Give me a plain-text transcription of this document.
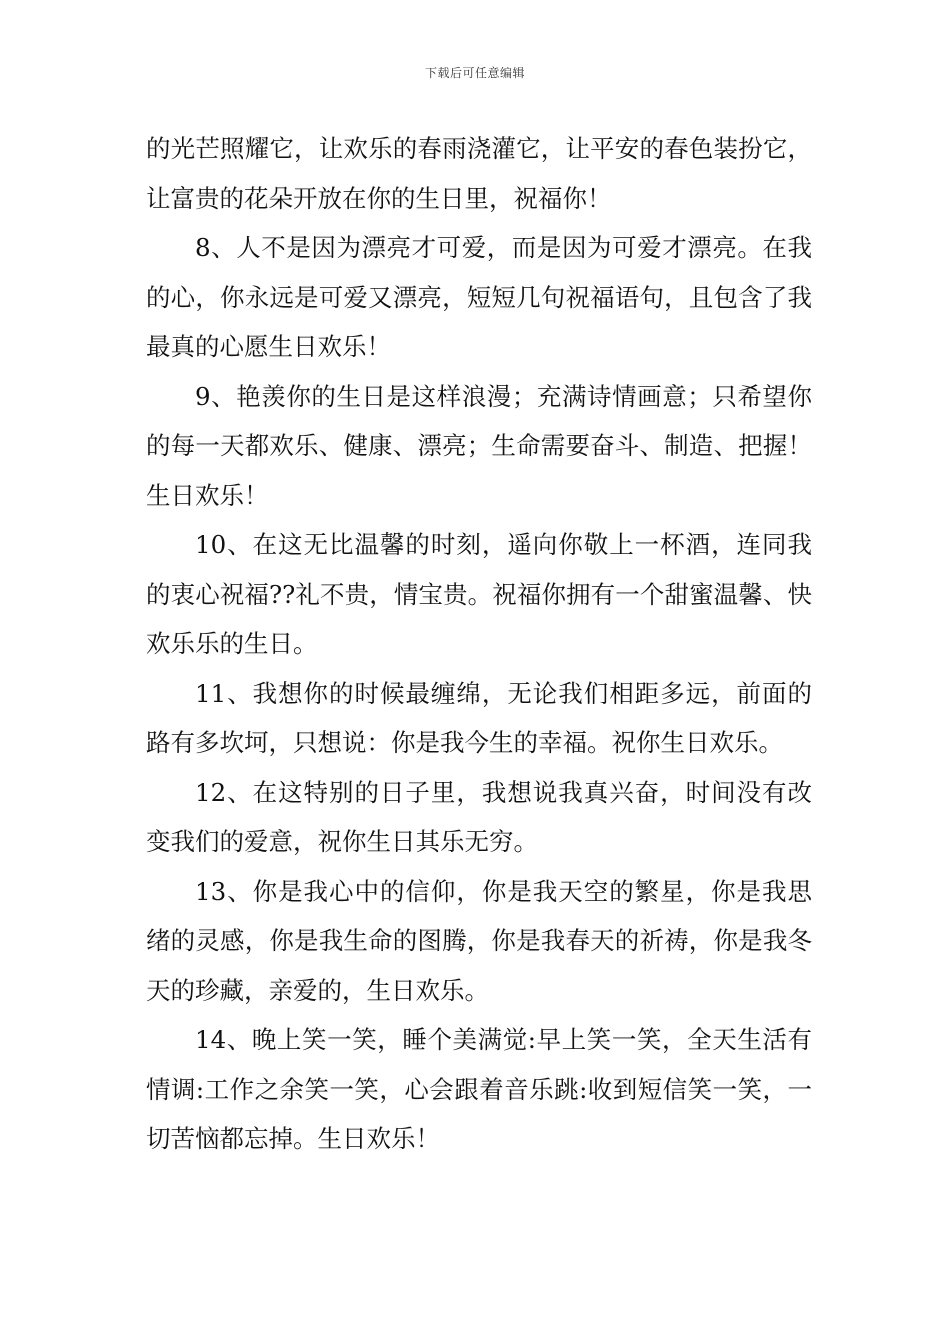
下载后可任意编辑

的光芒照耀它，让欢乐的春雨浇灌它，让平安的春色装扮它，让富贵的花朵开放在你的生日里，祝福你！

8、人不是因为漂亮才可爱，而是因为可爱才漂亮。在我的心，你永远是可爱又漂亮，短短几句祝福语句，且包含了我最真的心愿生日欢乐！

9、艳羡你的生日是这样浪漫；充满诗情画意；只希望你的每一天都欢乐、健康、漂亮；生命需要奋斗、制造、把握！生日欢乐！

10、在这无比温馨的时刻，遥向你敬上一杯酒，连同我的衷心祝福??礼不贵，情宝贵。祝福你拥有一个甜蜜温馨、快欢乐乐的生日。

11、我想你的时候最缠绵，无论我们相距多远，前面的路有多坎坷，只想说：你是我今生的幸福。祝你生日欢乐。

12、在这特别的日子里，我想说我真兴奋，时间没有改变我们的爱意，祝你生日其乐无穷。

13、你是我心中的信仰，你是我天空的繁星，你是我思绪的灵感，你是我生命的图腾，你是我春天的祈祷，你是我冬天的珍藏，亲爱的，生日欢乐。

14、晚上笑一笑，睡个美满觉:早上笑一笑，全天生活有情调:工作之余笑一笑，心会跟着音乐跳:收到短信笑一笑，一切苦恼都忘掉。生日欢乐！
